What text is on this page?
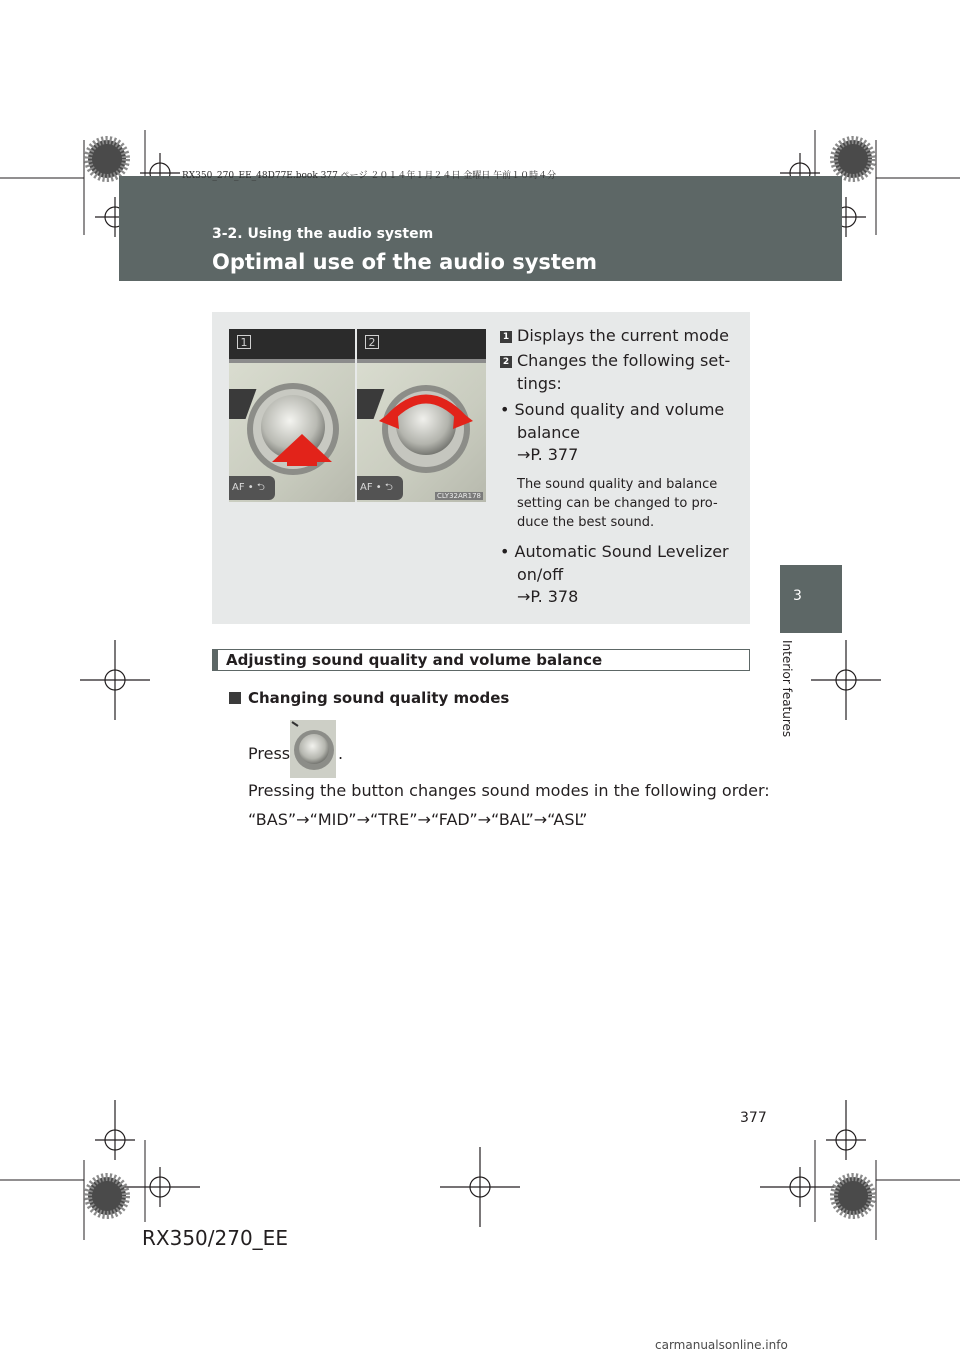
RX350_270_EE_48D77E.book 377 ページ ２０１４年１月２４日 金曜日 午前１０時４分
3-2. Using the audio system
Optimal use of the audio system
3
Interior features
AF • ⮌
1
AF • ⮌
2
CLY32AR178
1
2
Displays the current mode
Changes the following set-
tings:
• Sound quality and volume
balance
→P. 377
The sound quality and balance
setting can be changed to pro-
duce the best sound.
• Automatic Sound Levelizer
on/off
→P. 378
Adjusting sound quality and volume balance
Changing sound quality modes
Press	.
Pressing the button changes sound modes in the following order:
“BAS”→“MID”→“TRE”→“FAD”→“BAL”→“ASL”
377
RX350/270_EE
carmanualsonline.info
